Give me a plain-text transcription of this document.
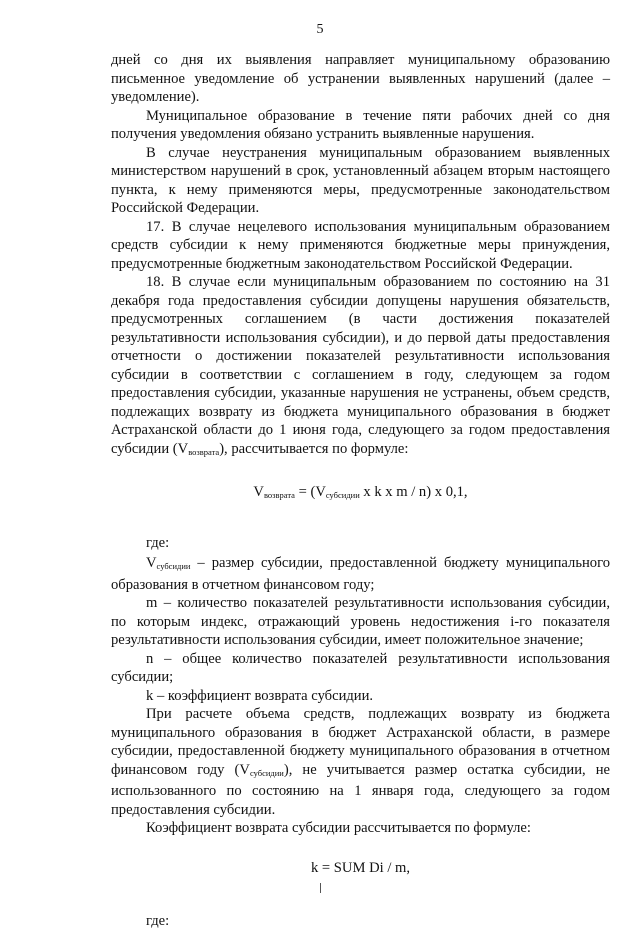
5

дней со дня их выявления направляет муниципальному образованию письменное уведомление об устранении выявленных нарушений (далее – уведомление).

Муниципальное образование в течение пяти рабочих дней со дня получения уведомления обязано устранить выявленные нарушения.

В случае неустранения муниципальным образованием выявленных министерством нарушений в срок, установленный абзацем вторым настоящего пункта, к нему применяются меры, предусмотренные законодательством Российской Федерации.

17. В случае нецелевого использования муниципальным образованием средств субсидии к нему применяются бюджетные меры принуждения, предусмотренные бюджетным законодательством Российской Федерации.

18. В случае если муниципальным образованием по состоянию на 31 декабря года предоставления субсидии допущены нарушения обязательств, предусмотренных соглашением (в части достижения показателей результативности использования субсидии), и до первой даты предоставления отчетности о достижении показателей результативности использования субсидии в соответствии с соглашением в году, следующем за годом предоставления субсидии, указанные нарушения не устранены, объем средств, подлежащих возврату из бюджета муниципального образования в бюджет Астраханской области до 1 июня года, следующего за годом предоставления субсидии $(V_{возврата})$, рассчитывается по формуле:

$V_{возврата} = (V_{субсидии}$ x k x m / n) x 0,1,

где:

$V_{субсидии}$ – размер субсидии, предоставленной бюджету муниципального образования в отчетном финансовом году;

m – количество показателей результативности использования субсидии, по которым индекс, отражающий уровень недостижения i-го показателя результативности использования субсидии, имеет положительное значение;

n – общее количество показателей результативности использования субсидии;

k – коэффициент возврата субсидии.

При расчете объема средств, подлежащих возврату из бюджета муниципального образования в бюджет Астраханской области, в размере субсидии, предоставленной бюджету муниципального образования в отчетном финансовом году $(V_{субсидии})$, не учитывается размер остатка субсидии, не использованного по состоянию на 1 января года, следующего за годом предоставления субсидии.

Коэффициент возврата субсидии рассчитывается по формуле:

k = SUM Di / m,

где:
